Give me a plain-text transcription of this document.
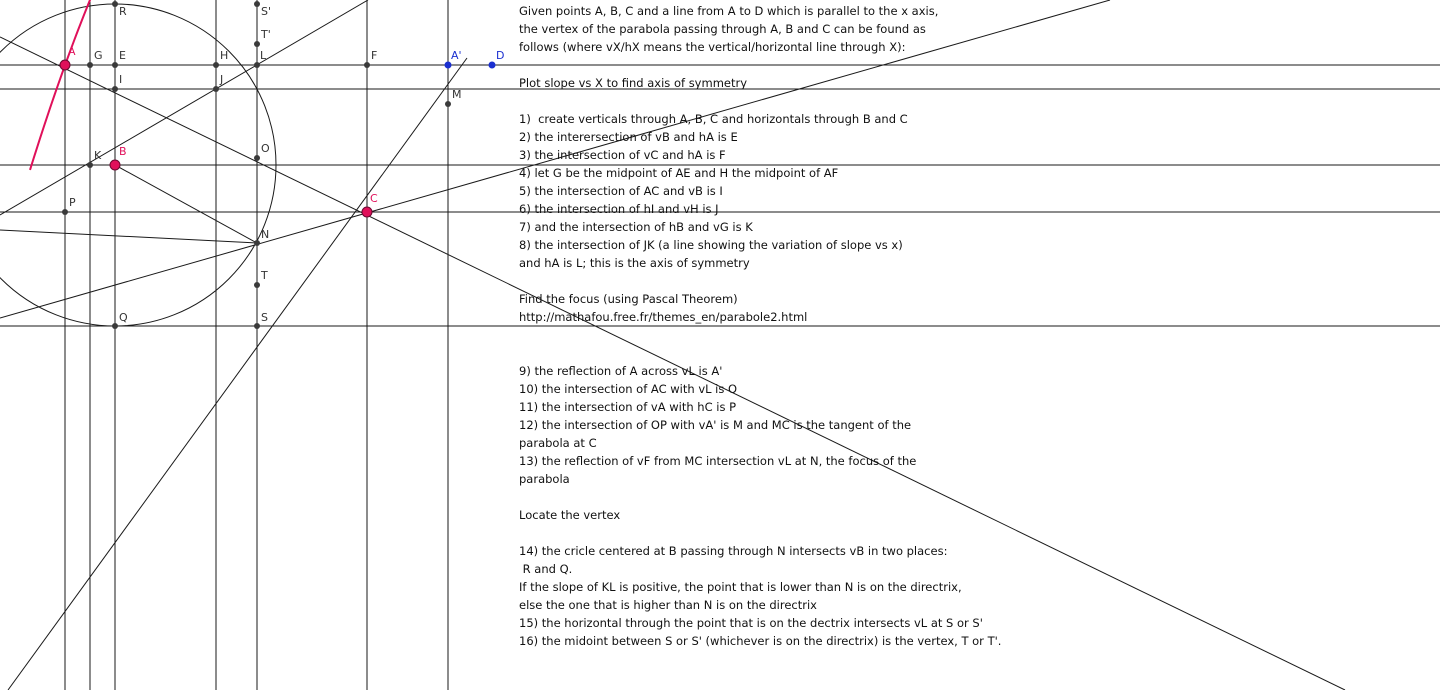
A
B
C
D
A'
G E	H	L	F
I	J
M
K
O
P
N
T
Q	S
R	S'
T'
Given points A, B, C and a line from A to D which is parallel to the x axis,
the vertex of the parabola passing through A, B and C can be found as
follows (where vX/hX means the vertical/horizontal line through X):
Plot slope vs X to find axis of symmetry
1)  create verticals through A, B, C and horizontals through B and C
2) the interersection of vB and hA is E
3) the intersection of vC and hA is F
4) let G be the midpoint of AE and H the midpoint of AF
5) the intersection of AC and vB is I
6) the intersection of hI and vH is J
7) and the intersection of hB and vG is K
8) the intersection of JK (a line showing the variation of slope vs x)
and hA is L; this is the axis of symmetry
Find the focus (using Pascal Theorem)
http://mathafou.free.fr/themes_en/parabole2.html
9) the reflection of A across vL is A'
10) the intersection of AC with vL is O
11) the intersection of vA with hC is P
12) the intersection of OP with vA' is M and MC is the tangent of the
parabola at C
13) the reflection of vF from MC intersection vL at N, the focus of the
parabola
Locate the vertex
14) the cricle centered at B passing through N intersects vB in two places:
R and Q.
If the slope of KL is positive, the point that is lower than N is on the directrix,
else the one that is higher than N is on the directrix
15) the horizontal through the point that is on the dectrix intersects vL at S or S'
16) the midoint between S or S' (whichever is on the directrix) is the vertex, T or T'.
